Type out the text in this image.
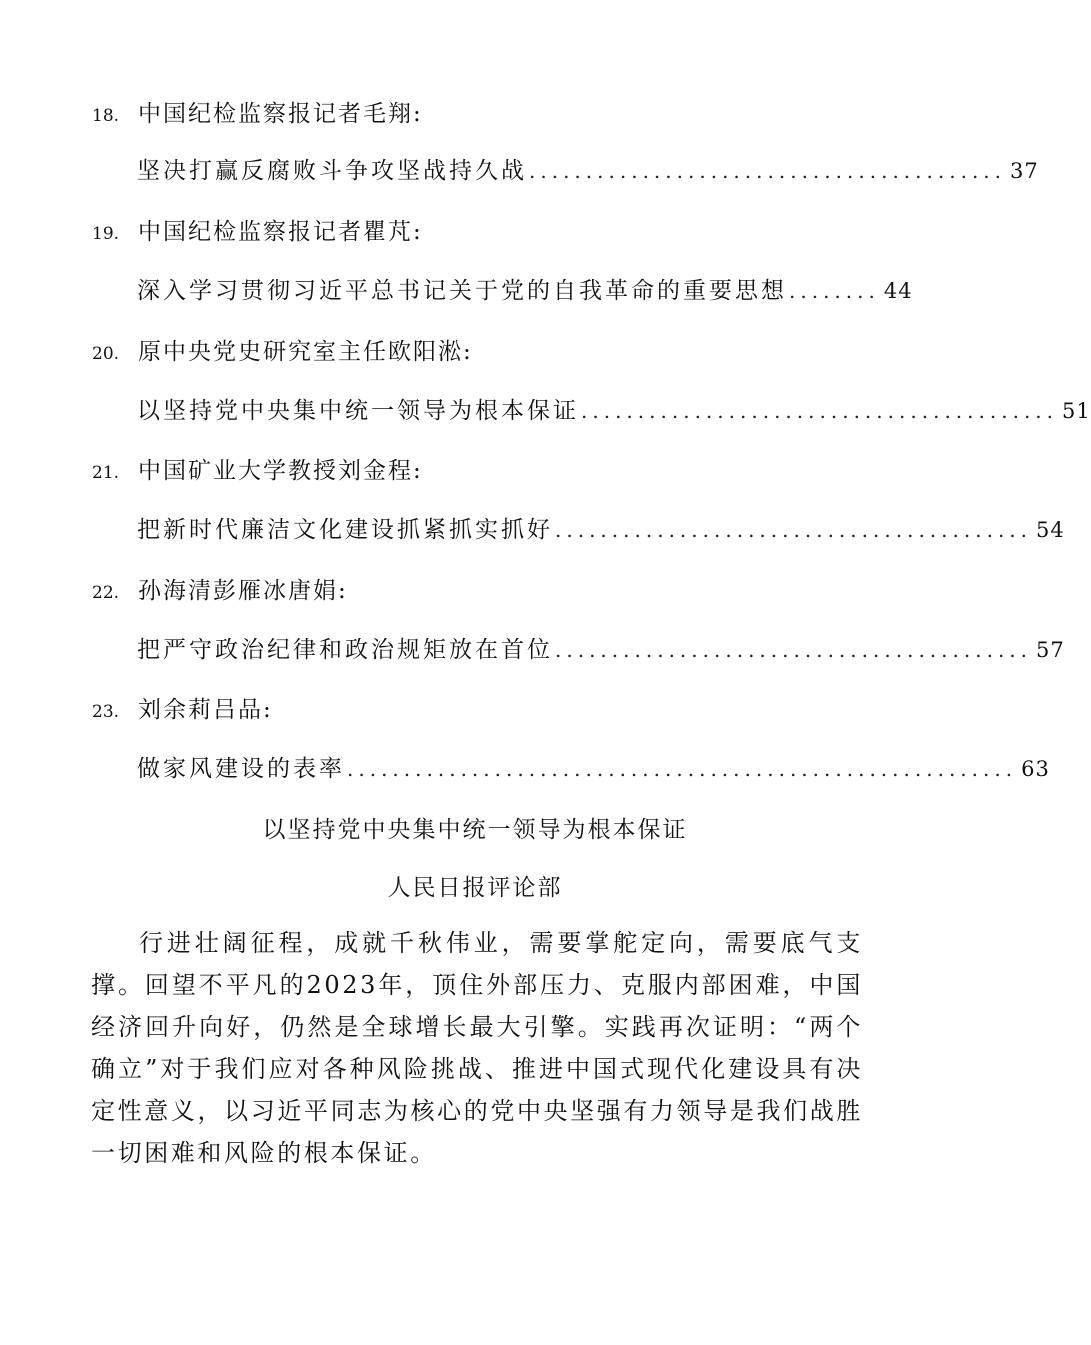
18. 中国纪检监察报记者毛翔:
坚决打赢反腐败斗争攻坚战持久战 .......................................... 37
19. 中国纪检监察报记者瞿芃:
深入学习贯彻习近平总书记关于党的自我革命的重要思想 ........ 44
20. 原中央党史研究室主任欧阳淞:
以坚持党中央集中统一领导为根本保证 .......................................... 51
21. 中国矿业大学教授刘金程:
把新时代廉洁文化建设抓紧抓实抓好 .......................................... 54
22. 孙海清彭雁冰唐娟:
把严守政治纪律和政治规矩放在首位 .......................................... 57
23. 刘余莉吕品:
做家风建设的表率 ........................................................... 63
以坚持党中央集中统一领导为根本保证
人民日报评论部
行进壮阔征程，成就千秋伟业，需要掌舵定向，需要底气支撑。回望不平凡的2023年，顶住外部压力、克服内部困难，中国经济回升向好，仍然是全球增长最大引擎。实践再次证明：“两个确立”对于我们应对各种风险挑战、推进中国式现代化建设具有决定性意义，以习近平同志为核心的党中央坚强有力领导是我们战胜一切困难和风险的根本保证。
